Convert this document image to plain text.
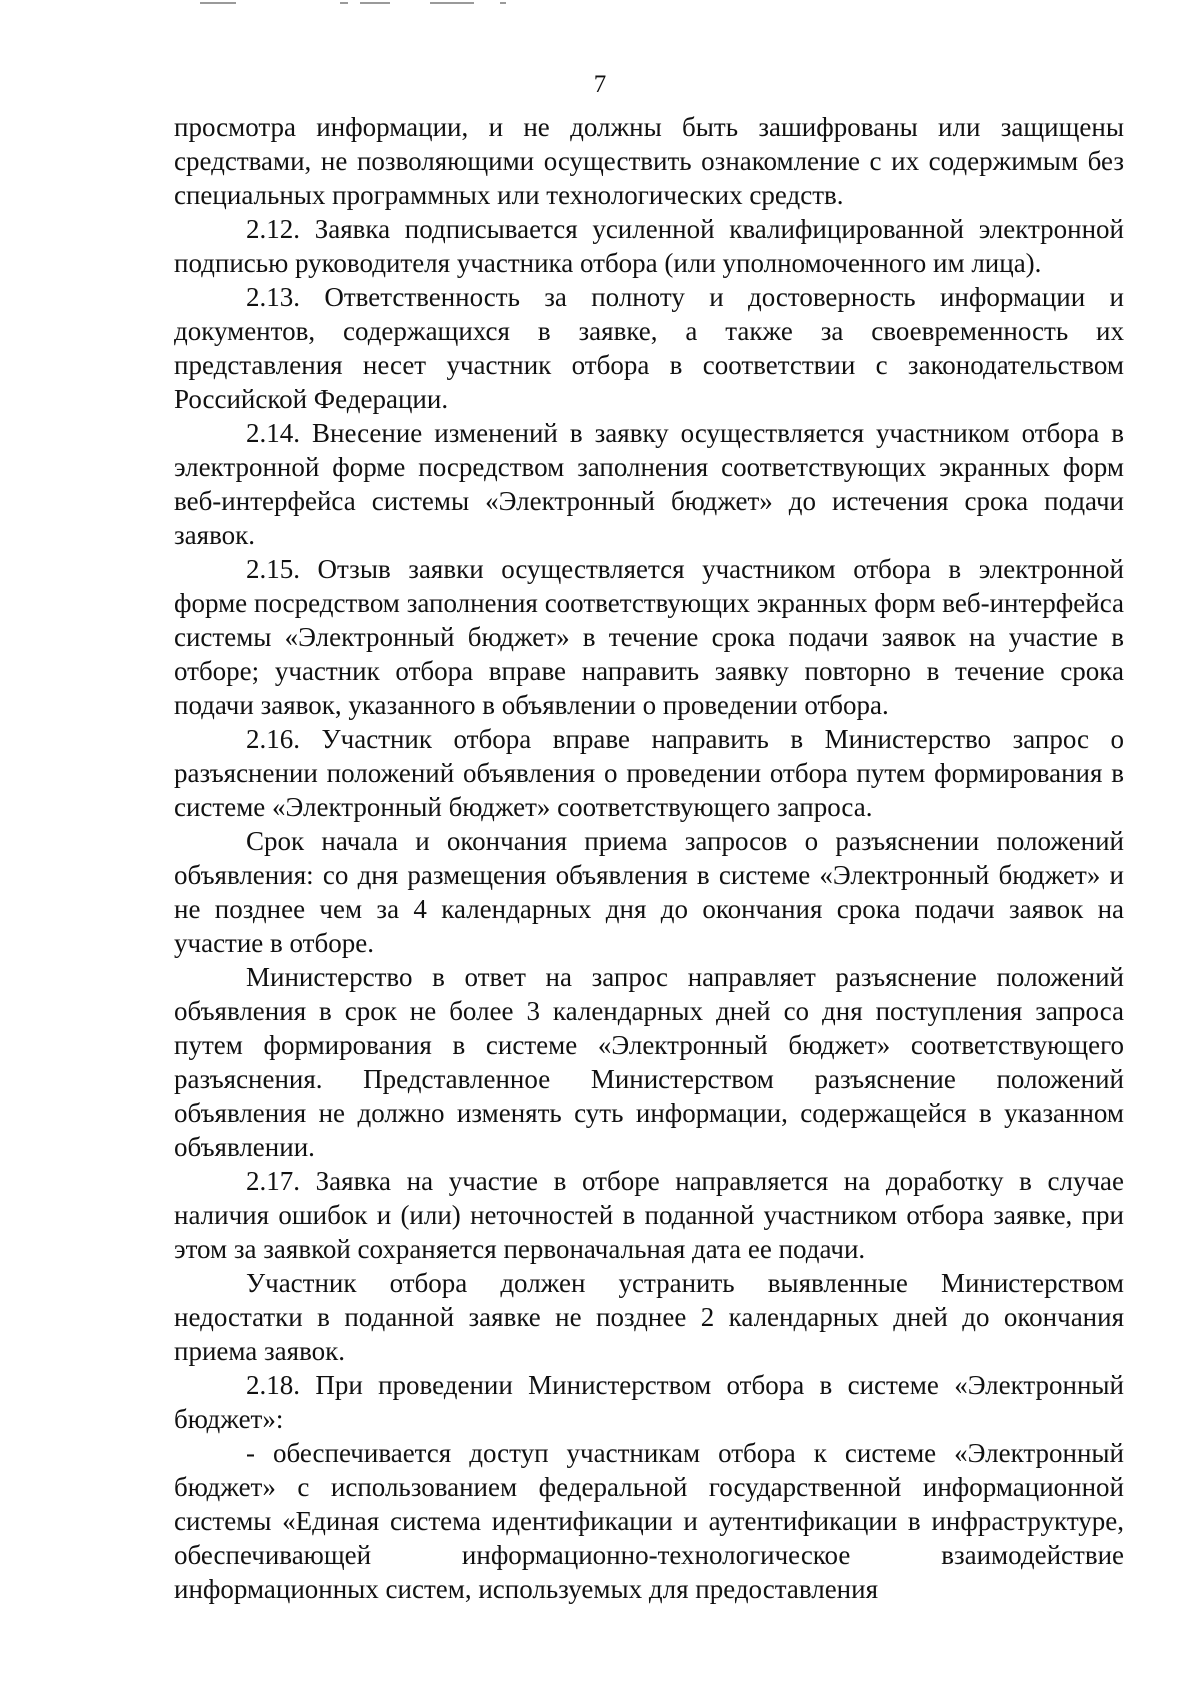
7

просмотра информации, и не должны быть зашифрованы или защищены средствами, не позволяющими осуществить ознакомление с их содержимым без специальных программных или технологических средств.

2.12. Заявка подписывается усиленной квалифицированной электронной подписью руководителя участника отбора (или уполномоченного им лица).

2.13. Ответственность за полноту и достоверность информации и документов, содержащихся в заявке, а также за своевременность их представления несет участник отбора в соответствии с законодательством Российской Федерации.

2.14. Внесение изменений в заявку осуществляется участником отбора в электронной форме посредством заполнения соответствующих экранных форм веб-интерфейса системы «Электронный бюджет» до истечения срока подачи заявок.

2.15. Отзыв заявки осуществляется участником отбора в электронной форме посредством заполнения соответствующих экранных форм веб-интерфейса системы «Электронный бюджет» в течение срока подачи заявок на участие в отборе; участник отбора вправе направить заявку повторно в течение срока подачи заявок, указанного в объявлении о проведении отбора.

2.16. Участник отбора вправе направить в Министерство запрос о разъяснении положений объявления о проведении отбора путем формирования в системе «Электронный бюджет» соответствующего запроса.

Срок начала и окончания приема запросов о разъяснении положений объявления: со дня размещения объявления в системе «Электронный бюджет» и не позднее чем за 4 календарных дня до окончания срока подачи заявок на участие в отборе.

Министерство в ответ на запрос направляет разъяснение положений объявления в срок не более 3 календарных дней со дня поступления запроса путем формирования в системе «Электронный бюджет» соответствующего разъяснения. Представленное Министерством разъяснение положений объявления не должно изменять суть информации, содержащейся в указанном объявлении.

2.17. Заявка на участие в отборе направляется на доработку в случае наличия ошибок и (или) неточностей в поданной участником отбора заявке, при этом за заявкой сохраняется первоначальная дата ее подачи.

Участник отбора должен устранить выявленные Министерством недостатки в поданной заявке не позднее 2 календарных дней до окончания приема заявок.

2.18. При проведении Министерством отбора в системе «Электронный бюджет»:

- обеспечивается доступ участникам отбора к системе «Электронный бюджет» с использованием федеральной государственной информационной системы «Единая система идентификации и аутентификации в инфраструктуре, обеспечивающей информационно-технологическое взаимодействие информационных систем, используемых для предоставления
